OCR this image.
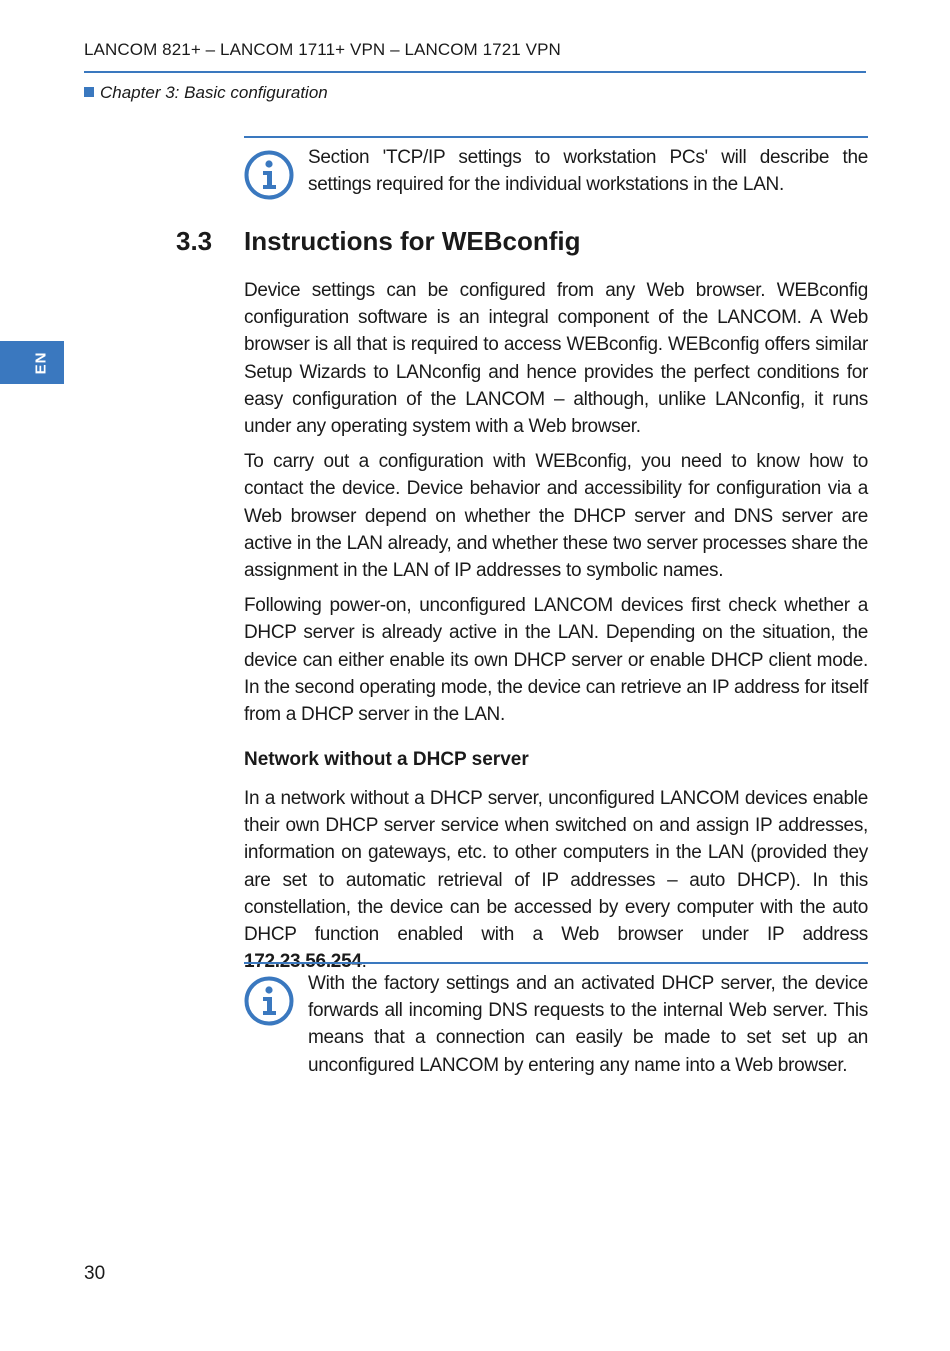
LANCOM 821+ – LANCOM 1711+ VPN – LANCOM 1721 VPN
Chapter 3: Basic configuration
EN
Section 'TCP/IP settings to workstation PCs' will describe the settings required for the individual workstations in the LAN.
3.3 Instructions for WEBconfig

Device settings can be configured from any Web browser. WEBconfig configuration software is an integral component of the LANCOM. A Web browser is all that is required to access WEBconfig. WEBconfig offers similar Setup Wizards to LANconfig and hence provides the perfect conditions for easy configuration of the LANCOM – although, unlike LANconfig, it runs under any operating system with a Web browser.

To carry out a configuration with WEBconfig, you need to know how to contact the device. Device behavior and accessibility for configuration via a Web browser depend on whether the DHCP server and DNS server are active in the LAN already, and whether these two server processes share the assignment in the LAN of IP addresses to symbolic names.

Following power‑on, unconfigured LANCOM devices first check whether a DHCP server is already active in the LAN. Depending on the situation, the device can either enable its own DHCP server or enable DHCP client mode. In the second operating mode, the device can retrieve an IP address for itself from a DHCP server in the LAN.

Network without a DHCP server

In a network without a DHCP server, unconfigured LANCOM devices enable their own DHCP server service when switched on and assign IP addresses, information on gateways, etc. to other computers in the LAN (provided they are set to automatic retrieval of IP addresses – auto DHCP). In this constellation, the device can be accessed by every computer with the auto DHCP function enabled with a Web browser under IP address 172.23.56.254.

With the factory settings and an activated DHCP server, the device forwards all incoming DNS requests to the internal Web server. This means that a connection can easily be made to set set up an unconfigured LANCOM by entering any name into a Web browser.
30
